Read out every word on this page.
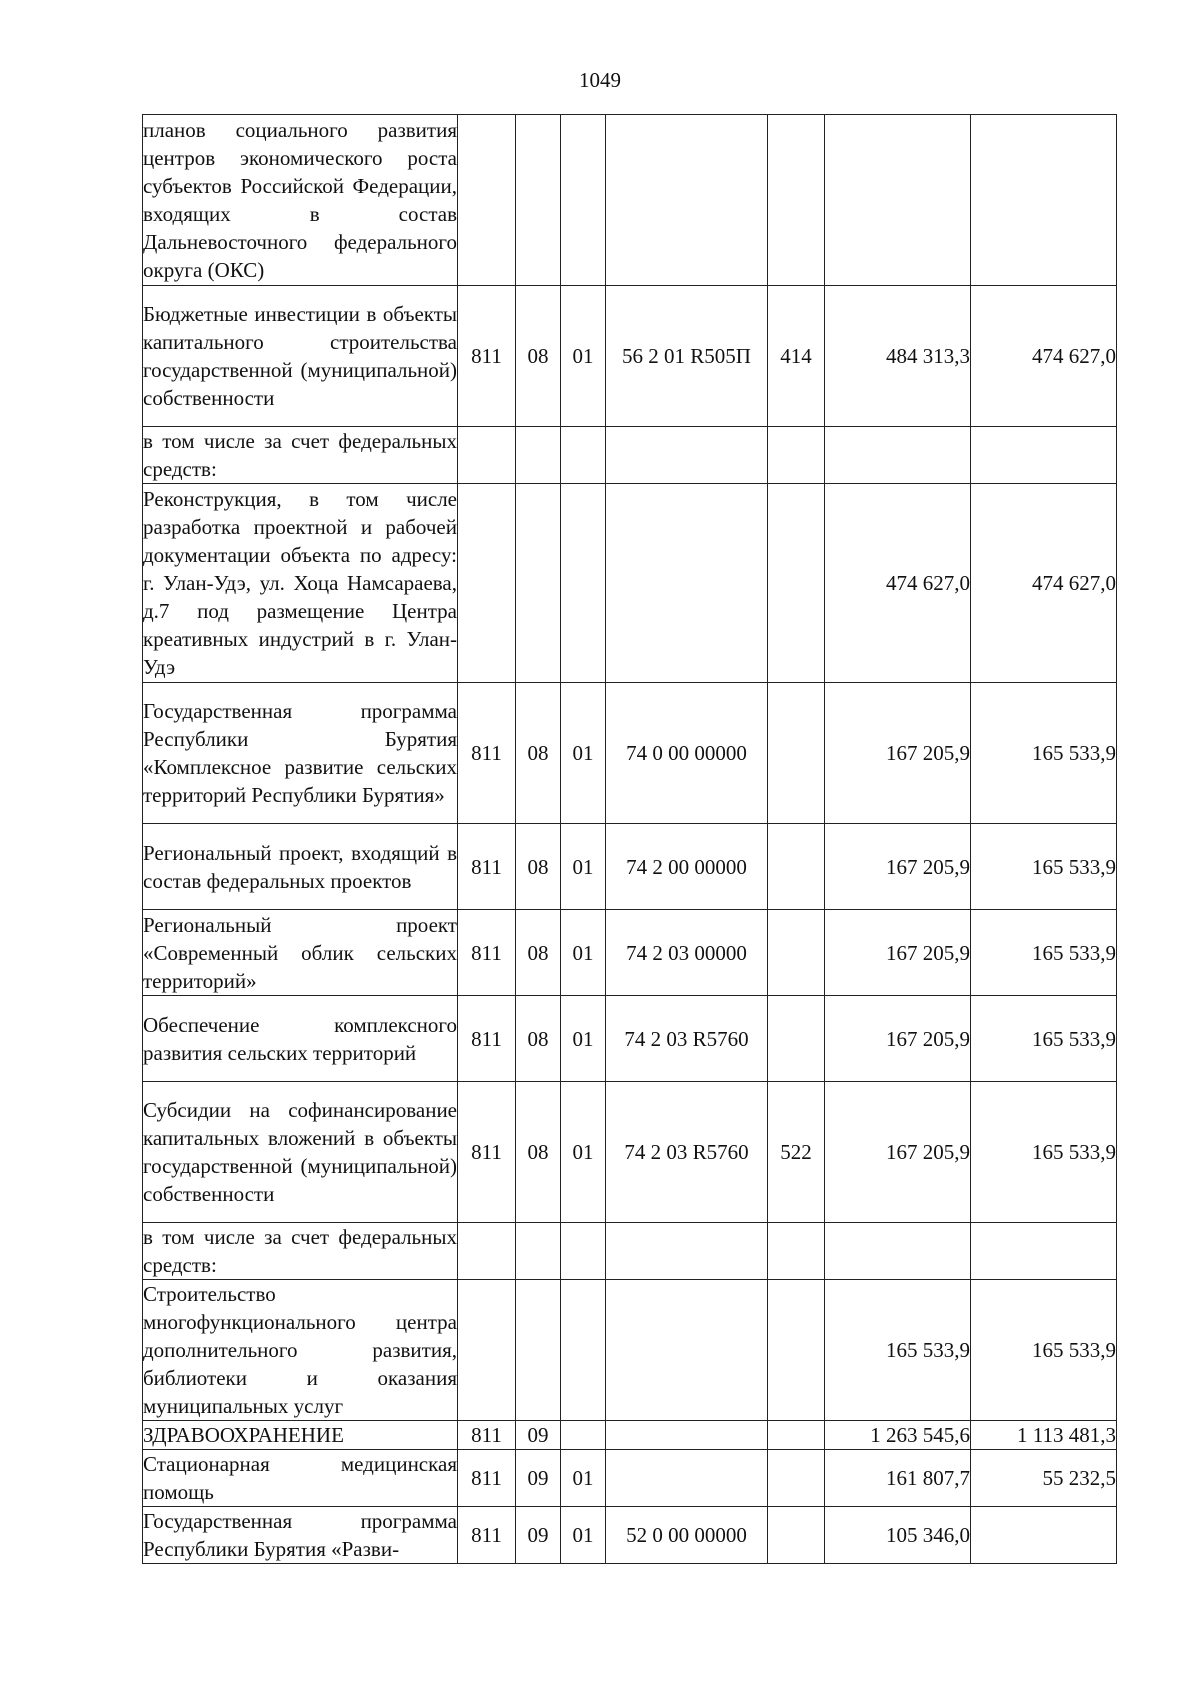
1049
планов социального развития центров экономического роста субъектов Российской Федерации, входящих в состав Дальневосточного федерального округа (ОКС)							
Бюджетные инвестиции в объекты капитального строительства государственной (муниципальной) собственности	811	08	01	56 2 01 R505П	414	484 313,3	474 627,0
в том числе за счет федеральных средств:							
Реконструкция, в том числе разработка проектной и рабочей документации объекта по адресу: г. Улан-Удэ, ул. Хоца Намсараева, д.7 под размещение Центра креативных индустрий в г. Улан-Удэ						474 627,0	474 627,0
Государственная программа Республики Бурятия «Комплексное развитие сельских территорий Республики Бурятия»	811	08	01	74 0 00 00000		167 205,9	165 533,9
Региональный проект, входящий в состав федеральных проектов	811	08	01	74 2 00 00000		167 205,9	165 533,9
Региональный проект «Современный облик сельских территорий»	811	08	01	74 2 03 00000		167 205,9	165 533,9
Обеспечение комплексного развития сельских территорий	811	08	01	74 2 03 R5760		167 205,9	165 533,9
Субсидии на софинансирование капитальных вложений в объекты государственной (муниципальной) собственности	811	08	01	74 2 03 R5760	522	167 205,9	165 533,9
в том числе за счет федеральных средств:							
Строительство многофункционального центра дополнительного развития, библиотеки и оказания муниципальных услуг						165 533,9	165 533,9
ЗДРАВООХРАНЕНИЕ	811	09				1 263 545,6	1 113 481,3
Стационарная медицинская помощь	811	09	01			161 807,7	55 232,5
Государственная программа Республики Бурятия «Разви-	811	09	01	52 0 00 00000		105 346,0	
